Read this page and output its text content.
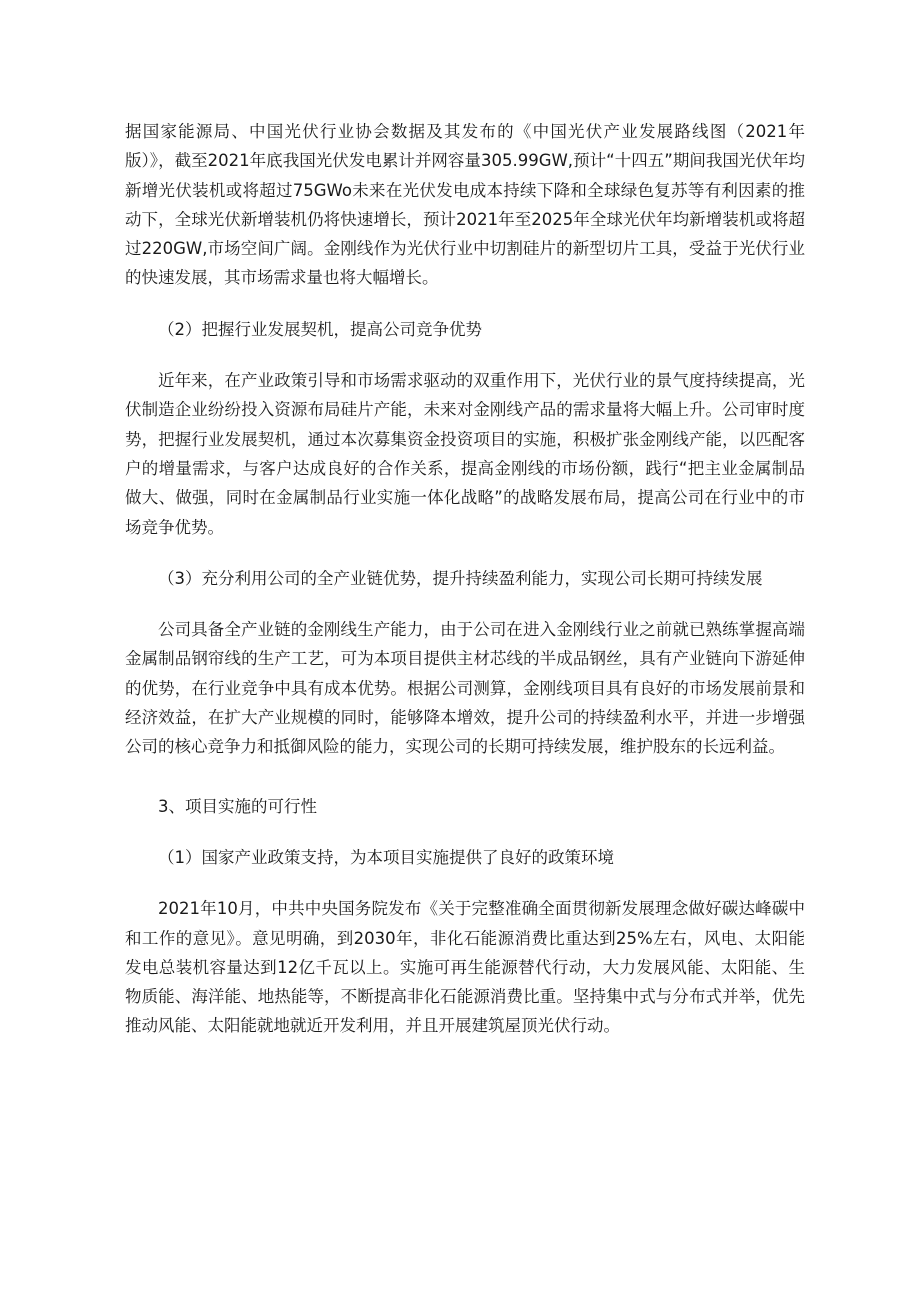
据国家能源局、中国光伏行业协会数据及其发布的《中国光伏产业发展路线图（2021年版）》，截至2021年底我国光伏发电累计并网容量305.99GW,预计“十四五”期间我国光伏年均新增光伏装机或将超过75GWo未来在光伏发电成本持续下降和全球绿色复苏等有利因素的推动下，全球光伏新增装机仍将快速增长，预计2021年至2025年全球光伏年均新增装机或将超过220GW,市场空间广阔。金刚线作为光伏行业中切割硅片的新型切片工具，受益于光伏行业的快速发展，其市场需求量也将大幅增长。

（2）把握行业发展契机，提高公司竞争优势

近年来，在产业政策引导和市场需求驱动的双重作用下，光伏行业的景气度持续提高，光伏制造企业纷纷投入资源布局硅片产能，未来对金刚线产品的需求量将大幅上升。公司审时度势，把握行业发展契机，通过本次募集资金投资项目的实施，积极扩张金刚线产能，以匹配客户的增量需求，与客户达成良好的合作关系，提高金刚线的市场份额，践行“把主业金属制品做大、做强，同时在金属制品行业实施一体化战略”的战略发展布局，提高公司在行业中的市场竞争优势。

（3）充分利用公司的全产业链优势，提升持续盈利能力，实现公司长期可持续发展

公司具备全产业链的金刚线生产能力，由于公司在进入金刚线行业之前就已熟练掌握高端金属制品钢帘线的生产工艺，可为本项目提供主材芯线的半成品钢丝，具有产业链向下游延伸的优势，在行业竞争中具有成本优势。根据公司测算，金刚线项目具有良好的市场发展前景和经济效益，在扩大产业规模的同时，能够降本增效，提升公司的持续盈利水平，并进一步增强公司的核心竞争力和抵御风险的能力，实现公司的长期可持续发展，维护股东的长远利益。

3、项目实施的可行性

（1）国家产业政策支持，为本项目实施提供了良好的政策环境

2021年10月，中共中央国务院发布《关于完整准确全面贯彻新发展理念做好碳达峰碳中和工作的意见》。意见明确，到2030年，非化石能源消费比重达到25%左右，风电、太阳能发电总装机容量达到12亿千瓦以上。实施可再生能源替代行动，大力发展风能、太阳能、生物质能、海洋能、地热能等，不断提高非化石能源消费比重。坚持集中式与分布式并举，优先推动风能、太阳能就地就近开发利用，并且开展建筑屋顶光伏行动。
